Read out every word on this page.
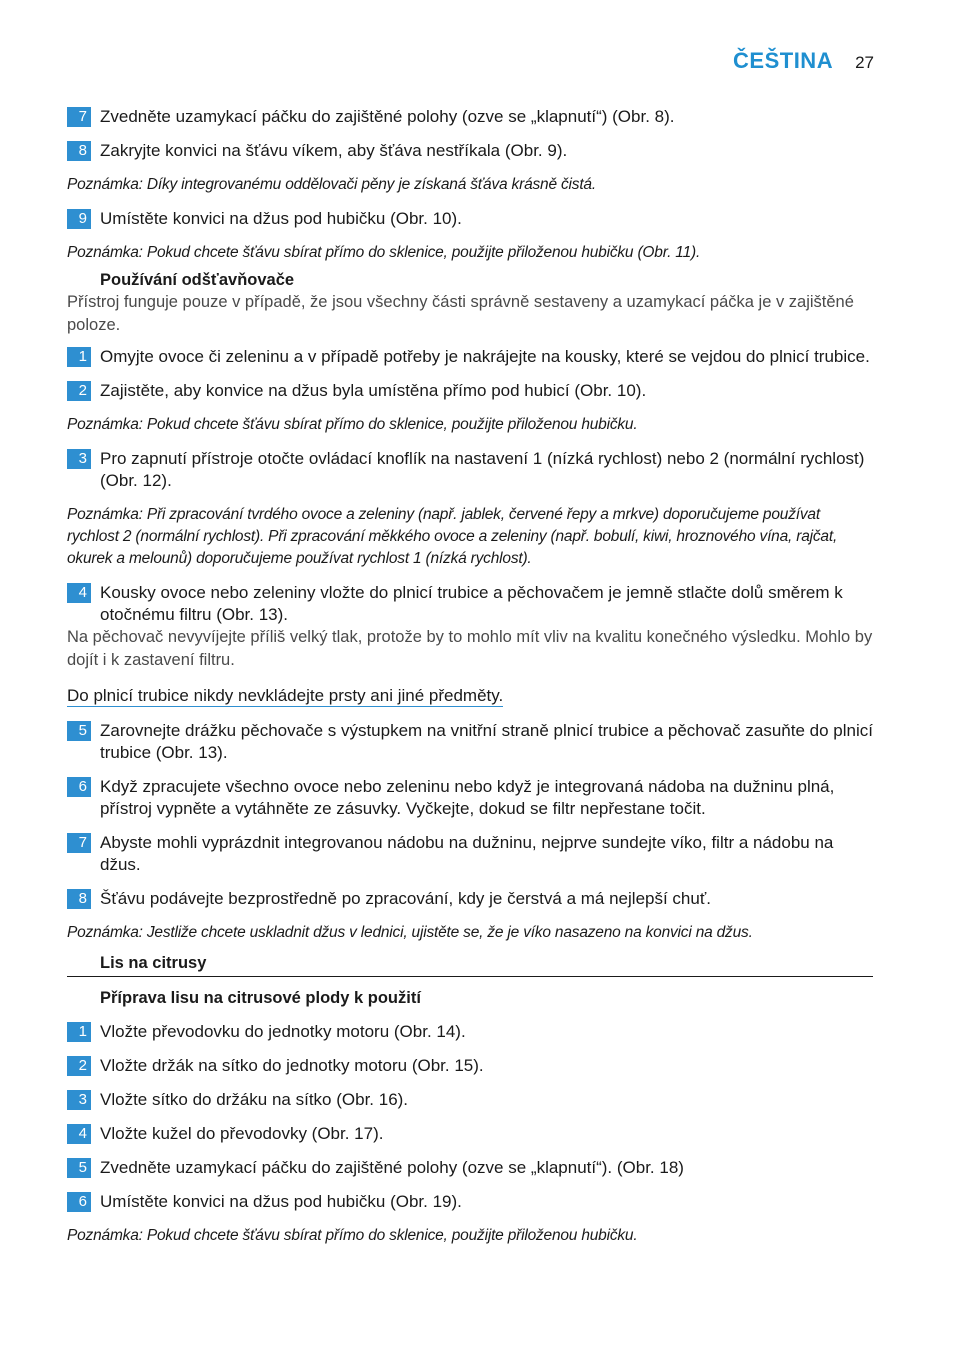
ČEŠTINA 27
7 Zvedněte uzamykací páčku do zajištěné polohy (ozve se „klapnutí“) (Obr. 8).
8 Zakryjte konvici na šťávu víkem, aby šťáva nestříkala (Obr. 9).
Poznámka: Díky integrovanému oddělovači pěny je získaná šťáva krásně čistá.
9 Umístěte konvici na džus pod hubičku (Obr. 10).
Poznámka: Pokud chcete šťávu sbírat přímo do sklenice, použijte přiloženou hubičku (Obr. 11).
Používání odšťavňovače
Přístroj funguje pouze v případě, že jsou všechny části správně sestaveny a uzamykací páčka je v zajištěné poloze.
1 Omyjte ovoce či zeleninu a v případě potřeby je nakrájejte na kousky, které se vejdou do plnicí trubice.
2 Zajistěte, aby konvice na džus byla umístěna přímo pod hubicí (Obr. 10).
Poznámka: Pokud chcete šťávu sbírat přímo do sklenice, použijte přiloženou hubičku.
3 Pro zapnutí přístroje otočte ovládací knoflík na nastavení 1 (nízká rychlost) nebo 2 (normální rychlost) (Obr. 12).
Poznámka: Při zpracování tvrdého ovoce a zeleniny (např. jablek, červené řepy a mrkve) doporučujeme používat rychlost 2 (normální rychlost). Při zpracování měkkého ovoce a zeleniny (např. bobulí, kiwi, hroznového vína, rajčat, okurek a melounů) doporučujeme používat rychlost 1 (nízká rychlost).
4 Kousky ovoce nebo zeleniny vložte do plnicí trubice a pěchovačem je jemně stlačte dolů směrem k otočnému filtru (Obr. 13).
Na pěchovač nevyvíjejte příliš velký tlak, protože by to mohlo mít vliv na kvalitu konečného výsledku. Mohlo by dojít i k zastavení filtru.
Do plnicí trubice nikdy nevkládejte prsty ani jiné předměty.
5 Zarovnejte drážku pěchovače s výstupkem na vnitřní straně plnicí trubice a pěchovač zasuňte do plnicí trubice (Obr. 13).
6 Když zpracujete všechno ovoce nebo zeleninu nebo když je integrovaná nádoba na dužninu plná, přístroj vypněte a vytáhněte ze zásuvky. Vyčkejte, dokud se filtr nepřestane točit.
7 Abyste mohli vyprázdnit integrovanou nádobu na dužninu, nejprve sundejte víko, filtr a nádobu na džus.
8 Šťávu podávejte bezprostředně po zpracování, kdy je čerstvá a má nejlepší chuť.
Poznámka: Jestliže chcete uskladnit džus v lednici, ujistěte se, že je víko nasazeno na konvici na džus.
Lis na citrusy
Příprava lisu na citrusové plody k použití
1 Vložte převodovku do jednotky motoru (Obr. 14).
2 Vložte držák na sítko do jednotky motoru (Obr. 15).
3 Vložte sítko do držáku na sítko (Obr. 16).
4 Vložte kužel do převodovky (Obr. 17).
5 Zvedněte uzamykací páčku do zajištěné polohy (ozve se „klapnutí“). (Obr. 18)
6 Umístěte konvici na džus pod hubičku (Obr. 19).
Poznámka: Pokud chcete šťávu sbírat přímo do sklenice, použijte přiloženou hubičku.
